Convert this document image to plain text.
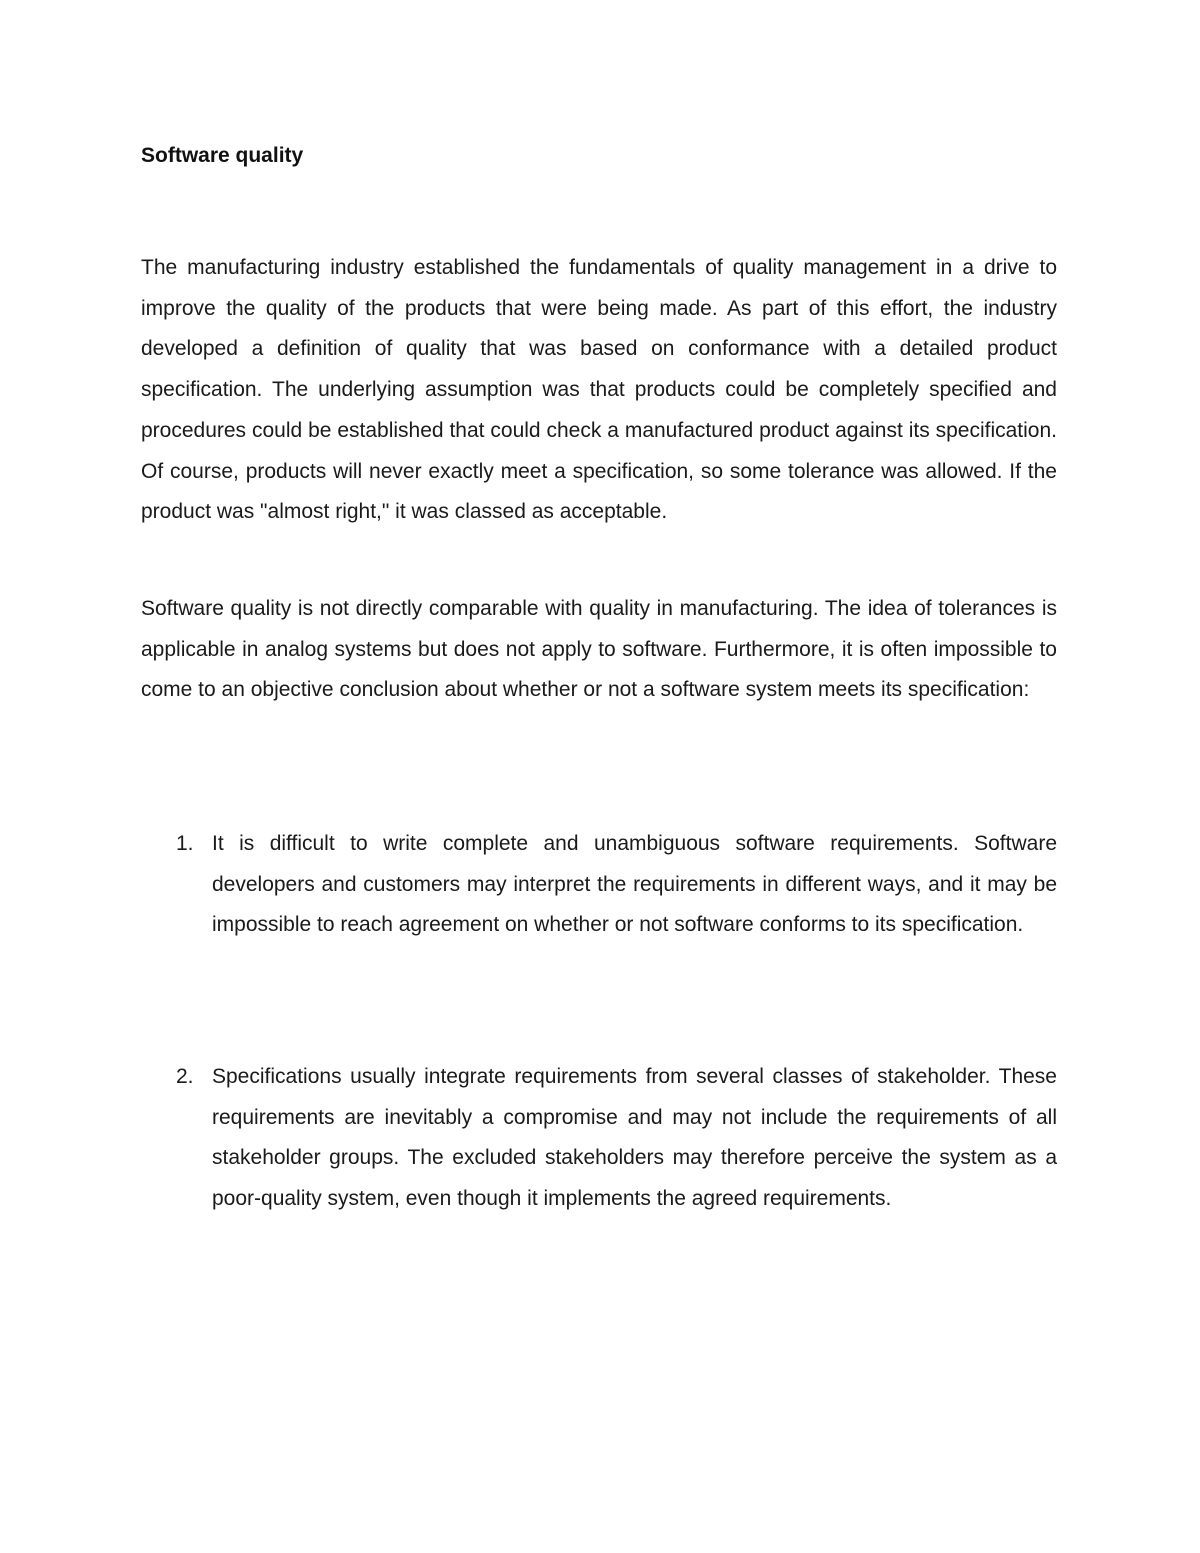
Software quality

The manufacturing industry established the fundamentals of quality management in a drive to improve the quality of the products that were being made. As part of this effort, the industry developed a definition of quality that was based on conformance with a detailed product specification. The underlying assumption was that products could be completely specified and procedures could be established that could check a manufactured product against its specification. Of course, products will never exactly meet a specification, so some tolerance was allowed. If the product was "almost right," it was classed as acceptable.

Software quality is not directly comparable with quality in manufacturing. The idea of tolerances is applicable in analog systems but does not apply to software. Furthermore, it is often impossible to come to an objective conclusion about whether or not a software system meets its specification:

1. It is difficult to write complete and unambiguous software requirements. Software developers and customers may interpret the requirements in different ways, and it may be impossible to reach agreement on whether or not software conforms to its specification.
2. Specifications usually integrate requirements from several classes of stakeholder. These requirements are inevitably a compromise and may not include the requirements of all stakeholder groups. The excluded stakeholders may therefore perceive the system as a poor-quality system, even though it implements the agreed requirements.
